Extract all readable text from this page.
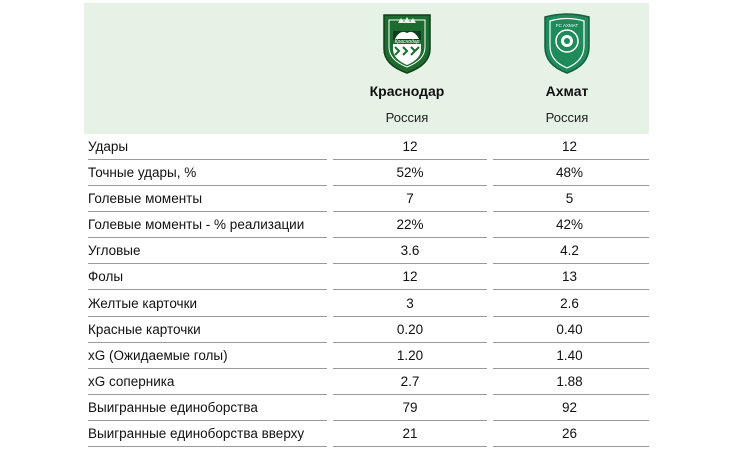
Краснодар
FC АХМАТ
Краснодар	Ахмат
Россия	Россия
Удары	12	12
Точные удары, %	52%	48%
Голевые моменты	7	5
Голевые моменты - % реализации	22%	42%
Угловые	3.6	4.2
Фолы	12	13
Желтые карточки	3	2.6
Красные карточки	0.20	0.40
xG (Ожидаемые голы)	1.20	1.40
xG соперника	2.7	1.88
Выигранные единоборства	79	92
Выигранные единоборства вверху	21	26
